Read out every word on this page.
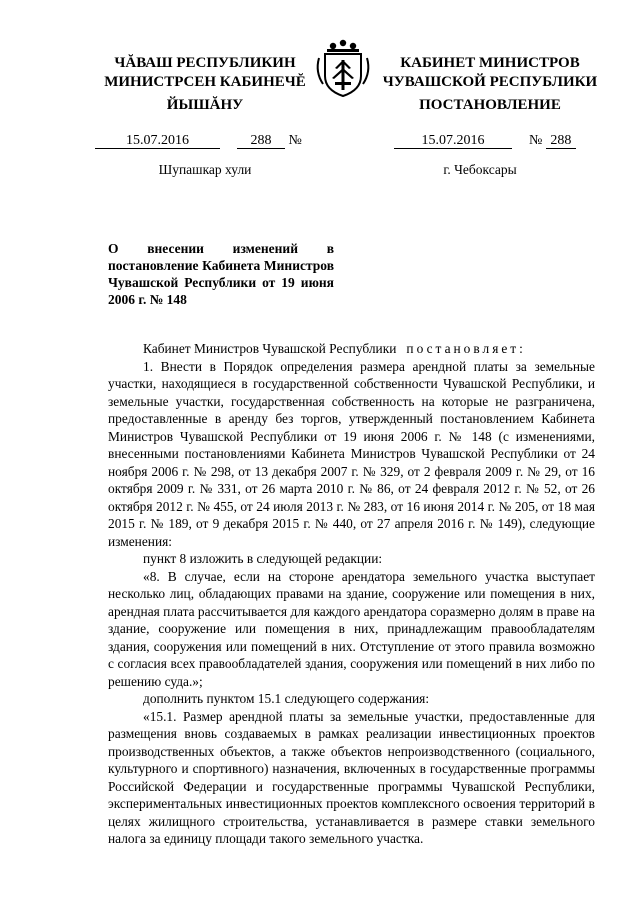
ЧĂВАШ РЕСПУБЛИКИН
МИНИСТРСЕН КАБИНЕЧĔ
КАБИНЕТ МИНИСТРОВ
ЧУВАШСКОЙ РЕСПУБЛИКИ
ЙЫШĂНУ	ПОСТАНОВЛЕНИЕ
15.07.2016	288 №	15.07.2016	№ 288
Шупашкар хули	г. Чебоксары
О внесении изменений в постановление Кабинета Министров Чувашской Республики от 19 июня 2006 г. № 148

Кабинет Министров Чувашской Республики постановляет:

1. Внести в Порядок определения размера арендной платы за земельные участки, находящиеся в государственной собственности Чувашской Республики, и земельные участки, государственная собственность на которые не разграничена, предоставленные в аренду без торгов, утвержденный постановлением Кабинета Министров Чувашской Республики от 19 июня 2006 г. № 148 (с изменениями, внесенными постановлениями Кабинета Министров Чувашской Республики от 24 ноября 2006 г. № 298, от 13 декабря 2007 г. № 329, от 2 февраля 2009 г. № 29, от 16 октября 2009 г. № 331, от 26 марта 2010 г. № 86, от 24 февраля 2012 г. № 52, от 26 октября 2012 г. № 455, от 24 июля 2013 г. № 283, от 16 июня 2014 г. № 205, от 18 мая 2015 г. № 189, от 9 декабря 2015 г. № 440, от 27 апреля 2016 г. № 149), следующие изменения:

пункт 8 изложить в следующей редакции:

«8. В случае, если на стороне арендатора земельного участка выступает несколько лиц, обладающих правами на здание, сооружение или помещения в них, арендная плата рассчитывается для каждого арендатора соразмерно долям в праве на здание, сооружение или помещения в них, принадлежащим правообладателям здания, сооружения или помещений в них. Отступление от этого правила возможно с согласия всех правообладателей здания, сооружения или помещений в них либо по решению суда.»;

дополнить пунктом 15.1 следующего содержания:

«15.1. Размер арендной платы за земельные участки, предоставленные для размещения вновь создаваемых в рамках реализации инвестиционных проектов производственных объектов, а также объектов непроизводственного (социального, культурного и спортивного) назначения, включенных в государственные программы Российской Федерации и государственные программы Чувашской Республики, экспериментальных инвестиционных проектов комплексного освоения территорий в целях жилищного строительства, устанавливается в размере ставки земельного налога за единицу площади такого земельного участка.
